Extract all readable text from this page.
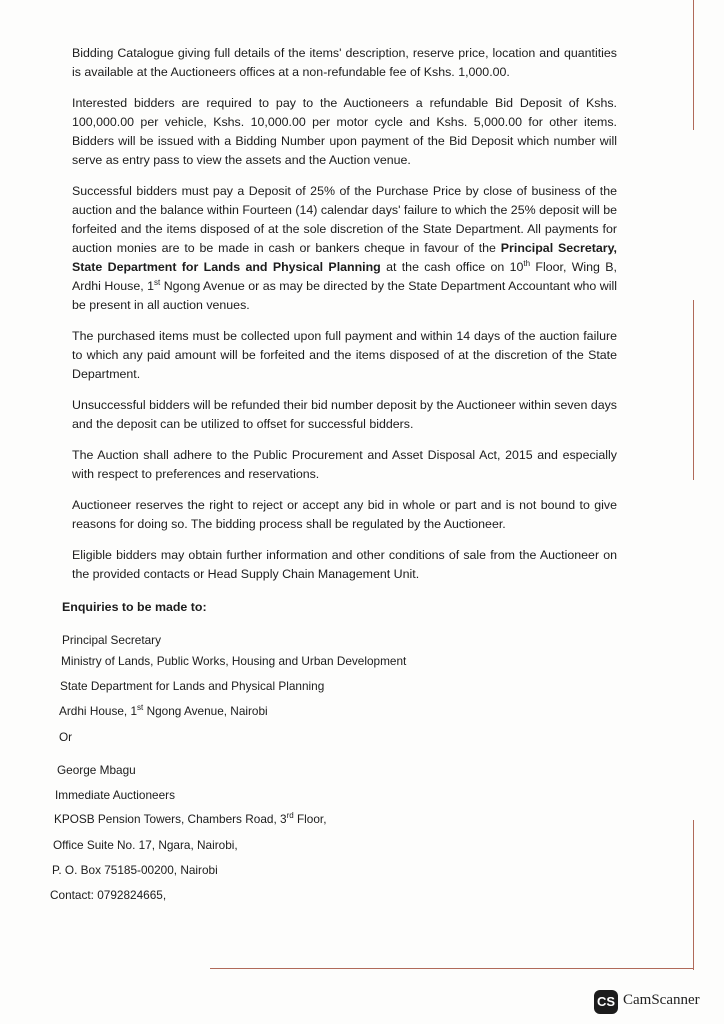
Bidding Catalogue giving full details of the items' description, reserve price, location and quantities is available at the Auctioneers offices at a non-refundable fee of Kshs. 1,000.00.

Interested bidders are required to pay to the Auctioneers a refundable Bid Deposit of Kshs. 100,000.00 per vehicle, Kshs. 10,000.00 per motor cycle and Kshs. 5,000.00 for other items. Bidders will be issued with a Bidding Number upon payment of the Bid Deposit which number will serve as entry pass to view the assets and the Auction venue.

Successful bidders must pay a Deposit of 25% of the Purchase Price by close of business of the auction and the balance within Fourteen (14) calendar days' failure to which the 25% deposit will be forfeited and the items disposed of at the sole discretion of the State Department. All payments for auction monies are to be made in cash or bankers cheque in favour of the Principal Secretary, State Department for Lands and Physical Planning at the cash office on 10th Floor, Wing B, Ardhi House, 1st Ngong Avenue or as may be directed by the State Department Accountant who will be present in all auction venues.

The purchased items must be collected upon full payment and within 14 days of the auction failure to which any paid amount will be forfeited and the items disposed of at the discretion of the State Department.

Unsuccessful bidders will be refunded their bid number deposit by the Auctioneer within seven days and the deposit can be utilized to offset for successful bidders.

The Auction shall adhere to the Public Procurement and Asset Disposal Act, 2015 and especially with respect to preferences and reservations.

Auctioneer reserves the right to reject or accept any bid in whole or part and is not bound to give reasons for doing so. The bidding process shall be regulated by the Auctioneer.

Eligible bidders may obtain further information and other conditions of sale from the Auctioneer on the provided contacts or Head Supply Chain Management Unit.

Enquiries to be made to:
Principal Secretary
Ministry of Lands, Public Works, Housing and Urban Development
State Department for Lands and Physical Planning
Ardhi House, 1st Ngong Avenue, Nairobi
Or
George Mbagu
Immediate Auctioneers
KPOSB Pension Towers, Chambers Road, 3rd Floor,
Office Suite No. 17, Ngara, Nairobi,
P. O. Box 75185-00200, Nairobi
Contact: 0792824665,
CS CamScanner
